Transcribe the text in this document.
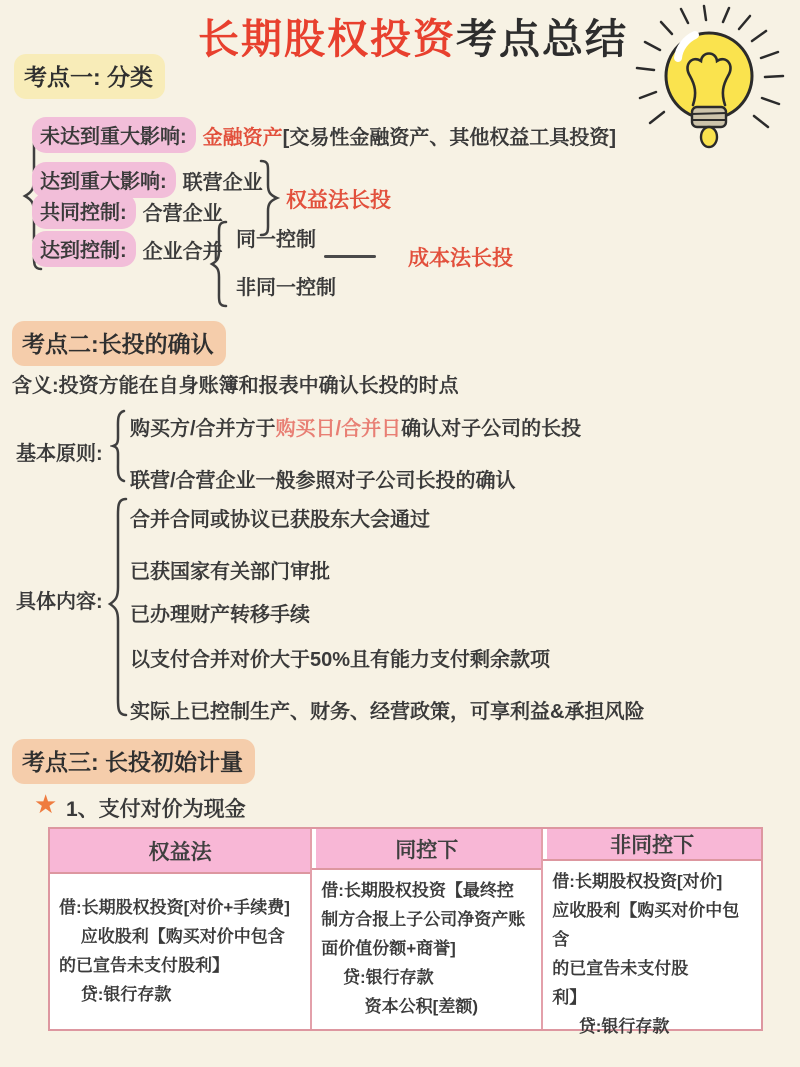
长期股权投资考点总结
考点一: 分类
未达到重大影响: 金融资产 [交易性金融资产、其他权益工具投资]
达到重大影响: 联营企业
共同控制: 合营企业
权益法长投
达到控制: 企业合并
同一控制
非同一控制
成本法长投
考点二:长投的确认
含义:投资方能在自身账簿和报表中确认长投的时点
基本原则:
购买方/合并方于购买日/合并日确认对子公司的长投
联营/合营企业一般参照对子公司长投的确认
具体内容:
合并合同或协议已获股东大会通过
已获国家有关部门审批
已办理财产转移手续
以支付合并对价大于50%且有能力支付剩余款项
实际上已控制生产、财务、经营政策，可享利益&承担风险
考点三: 长投初始计量
★ 1、支付对价为现金
权益法
借:长期股权投资[对价+手续费]
　 应收股利【购买对价中包含
的已宣告未支付股利】
　 贷:银行存款
同控下
借:长期股权投资【最终控
制方合报上子公司净资产账
面价值份额+商誉]
　 贷:银行存款
　　  资本公积[差额)
非同控下
借:长期股权投资[对价]
应收股利【购买对价中包含
的已宣告未支付股
利】
　  贷:银行存款
